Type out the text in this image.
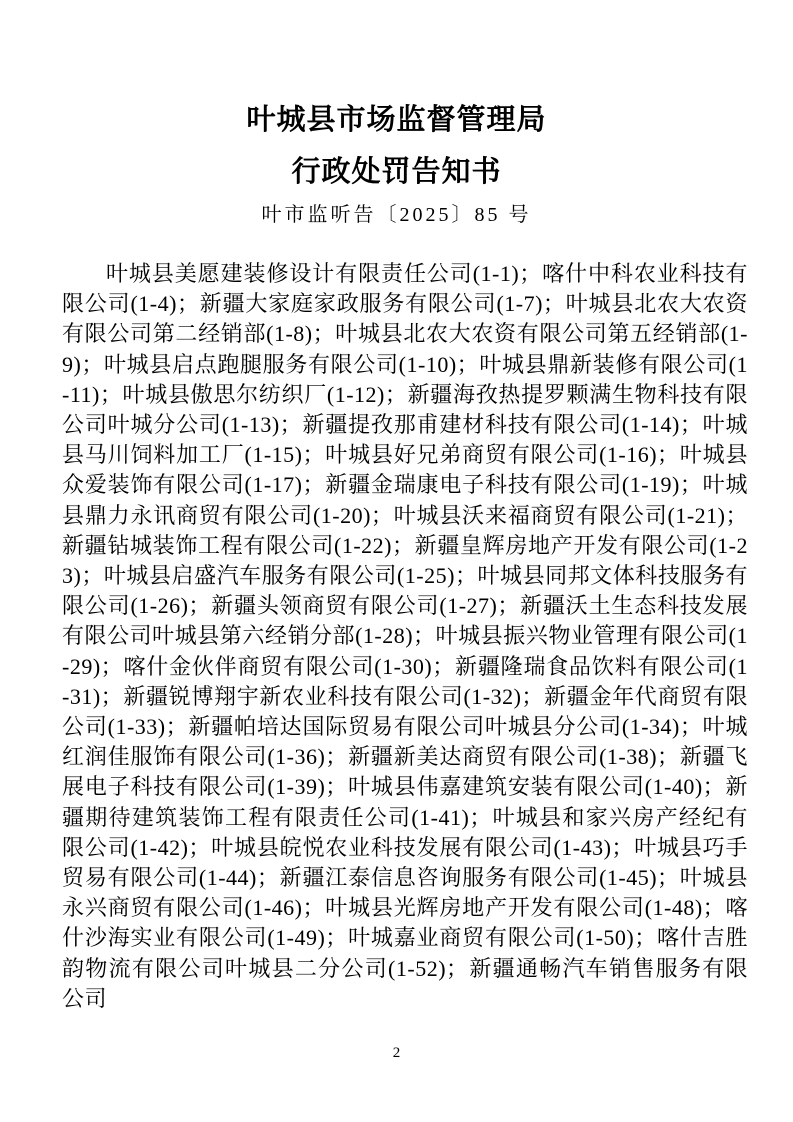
叶城县市场监督管理局
行政处罚告知书
叶市监听告〔2025〕85 号
叶城县美愿建装修设计有限责任公司(1-1)；喀什中科农业科技有限公司(1-4)；新疆大家庭家政服务有限公司(1-7)；叶城县北农大农资有限公司第二经销部(1-8)；叶城县北农大农资有限公司第五经销部(1-9)；叶城县启点跑腿服务有限公司(1-10)；叶城县鼎新装修有限公司(1-11)；叶城县傲思尔纺织厂(1-12)；新疆海孜热提罗颗满生物科技有限公司叶城分公司(1-13)；新疆提孜那甫建材科技有限公司(1-14)；叶城县马川饲料加工厂(1-15)；叶城县好兄弟商贸有限公司(1-16)；叶城县众爱装饰有限公司(1-17)；新疆金瑞康电子科技有限公司(1-19)；叶城县鼎力永讯商贸有限公司(1-20)；叶城县沃来福商贸有限公司(1-21)；新疆钻城装饰工程有限公司(1-22)；新疆皇辉房地产开发有限公司(1-23)；叶城县启盛汽车服务有限公司(1-25)；叶城县同邦文体科技服务有限公司(1-26)；新疆头领商贸有限公司(1-27)；新疆沃土生态科技发展有限公司叶城县第六经销分部(1-28)；叶城县振兴物业管理有限公司(1-29)；喀什金伙伴商贸有限公司(1-30)；新疆隆瑞食品饮料有限公司(1-31)；新疆锐博翔宇新农业科技有限公司(1-32)；新疆金年代商贸有限公司(1-33)；新疆帕培达国际贸易有限公司叶城县分公司(1-34)；叶城红润佳服饰有限公司(1-36)；新疆新美达商贸有限公司(1-38)；新疆飞展电子科技有限公司(1-39)；叶城县伟嘉建筑安装有限公司(1-40)；新疆期待建筑装饰工程有限责任公司(1-41)；叶城县和家兴房产经纪有限公司(1-42)；叶城县皖悦农业科技发展有限公司(1-43)；叶城县巧手贸易有限公司(1-44)；新疆江泰信息咨询服务有限公司(1-45)；叶城县永兴商贸有限公司(1-46)；叶城县光辉房地产开发有限公司(1-48)；喀什沙海实业有限公司(1-49)；叶城嘉业商贸有限公司(1-50)；喀什吉胜韵物流有限公司叶城县二分公司(1-52)；新疆通畅汽车销售服务有限公司
2
